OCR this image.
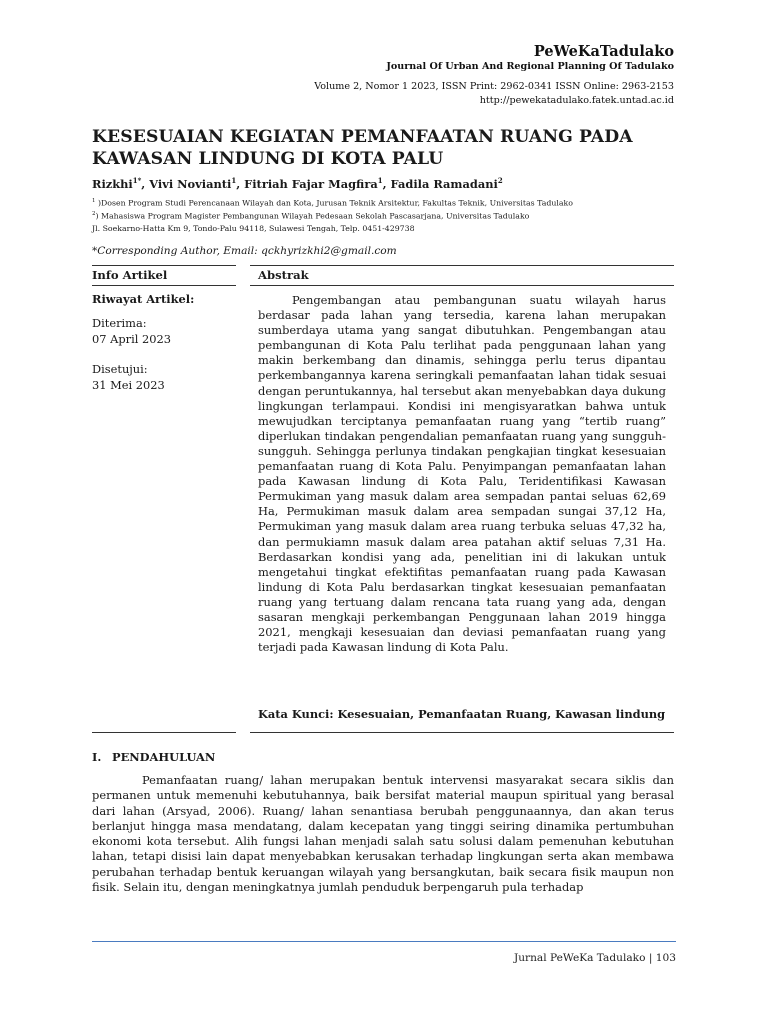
PeWeKaTadulako
Journal Of Urban And Regional Planning Of Tadulako
Volume 2, Nomor 1 2023, ISSN Print: 2962-0341 ISSN Online: 2963-2153
http://pewekatadulako.fatek.untad.ac.id
KESESUAIAN KEGIATAN PEMANFAATAN RUANG PADA KAWASAN LINDUNG DI KOTA PALU
Rizkhi$^{1*}$, Vivi Novianti$^1$, Fitriah Fajar Magfira$^1$, Fadila Ramadani$^2$
$^1$ )Dosen Program Studi Perencanaan Wilayah dan Kota, Jurusan Teknik Arsitektur, Fakultas Teknik, Universitas Tadulako
$^2$) Mahasiswa Program Magister Pembangunan Wilayah Pedesaan Sekolah Pascasarjana, Universitas Tadulako
Jl. Soekarno-Hatta Km 9, Tondo-Palu 94118, Sulawesi Tengah, Telp. 0451-429738
*Corresponding Author, Email: qckhyrizkhi2@gmail.com
Info Artikel	Abstrak
Riwayat Artikel:
Diterima:
07 April 2023
Disetujui:
31 Mei 2023

Pengembangan atau pembangunan suatu wilayah harus berdasar pada lahan yang tersedia, karena lahan merupakan sumberdaya utama yang sangat dibutuhkan. Pengembangan atau pembangunan di Kota Palu terlihat pada penggunaan lahan yang makin berkembang dan dinamis, sehingga perlu terus dipantau perkembangannya karena seringkali pemanfaatan lahan tidak sesuai dengan peruntukannya, hal tersebut akan menyebabkan daya dukung lingkungan terlampaui. Kondisi ini mengisyaratkan bahwa untuk mewujudkan terciptanya pemanfaatan ruang yang “tertib ruang” diperlukan tindakan pengendalian pemanfaatan ruang yang sungguh-sungguh. Sehingga perlunya tindakan pengkajian tingkat kesesuaian pemanfaatan ruang di Kota Palu. Penyimpangan pemanfaatan lahan pada Kawasan lindung di Kota Palu, Teridentifikasi Kawasan Permukiman yang masuk dalam area sempadan pantai seluas 62,69 Ha, Permukiman masuk dalam area sempadan sungai 37,12 Ha, Permukiman yang masuk dalam area ruang terbuka seluas 47,32 ha, dan permukiamn masuk dalam area patahan aktif seluas 7,31 Ha. Berdasarkan kondisi yang ada, penelitian ini di lakukan untuk mengetahui tingkat efektifitas pemanfaatan ruang pada Kawasan lindung di Kota Palu berdasarkan tingkat kesesuaian pemanfaatan ruang yang tertuang dalam rencana tata ruang yang ada, dengan sasaran mengkaji perkembangan Penggunaan lahan 2019 hingga 2021, mengkaji kesesuaian dan deviasi pemanfaatan ruang yang terjadi pada Kawasan lindung di Kota Palu.

Kata Kunci: Kesesuaian, Pemanfaatan Ruang, Kawasan lindung
I. PENDAHULUAN

Pemanfaatan ruang/ lahan merupakan bentuk intervensi masyarakat secara siklis dan permanen untuk memenuhi kebutuhannya, baik bersifat material maupun spiritual yang berasal dari lahan (Arsyad, 2006). Ruang/ lahan senantiasa berubah penggunaannya, dan akan terus berlanjut hingga masa mendatang, dalam kecepatan yang tinggi seiring dinamika pertumbuhan ekonomi kota tersebut. Alih fungsi lahan menjadi salah satu solusi dalam pemenuhan kebutuhan lahan, tetapi disisi lain dapat menyebabkan kerusakan terhadap lingkungan serta akan membawa perubahan terhadap bentuk keruangan wilayah yang bersangkutan, baik secara fisik maupun non fisik. Selain itu, dengan meningkatnya jumlah penduduk berpengaruh pula terhadap

Jurnal PeWeKa Tadulako | 103
